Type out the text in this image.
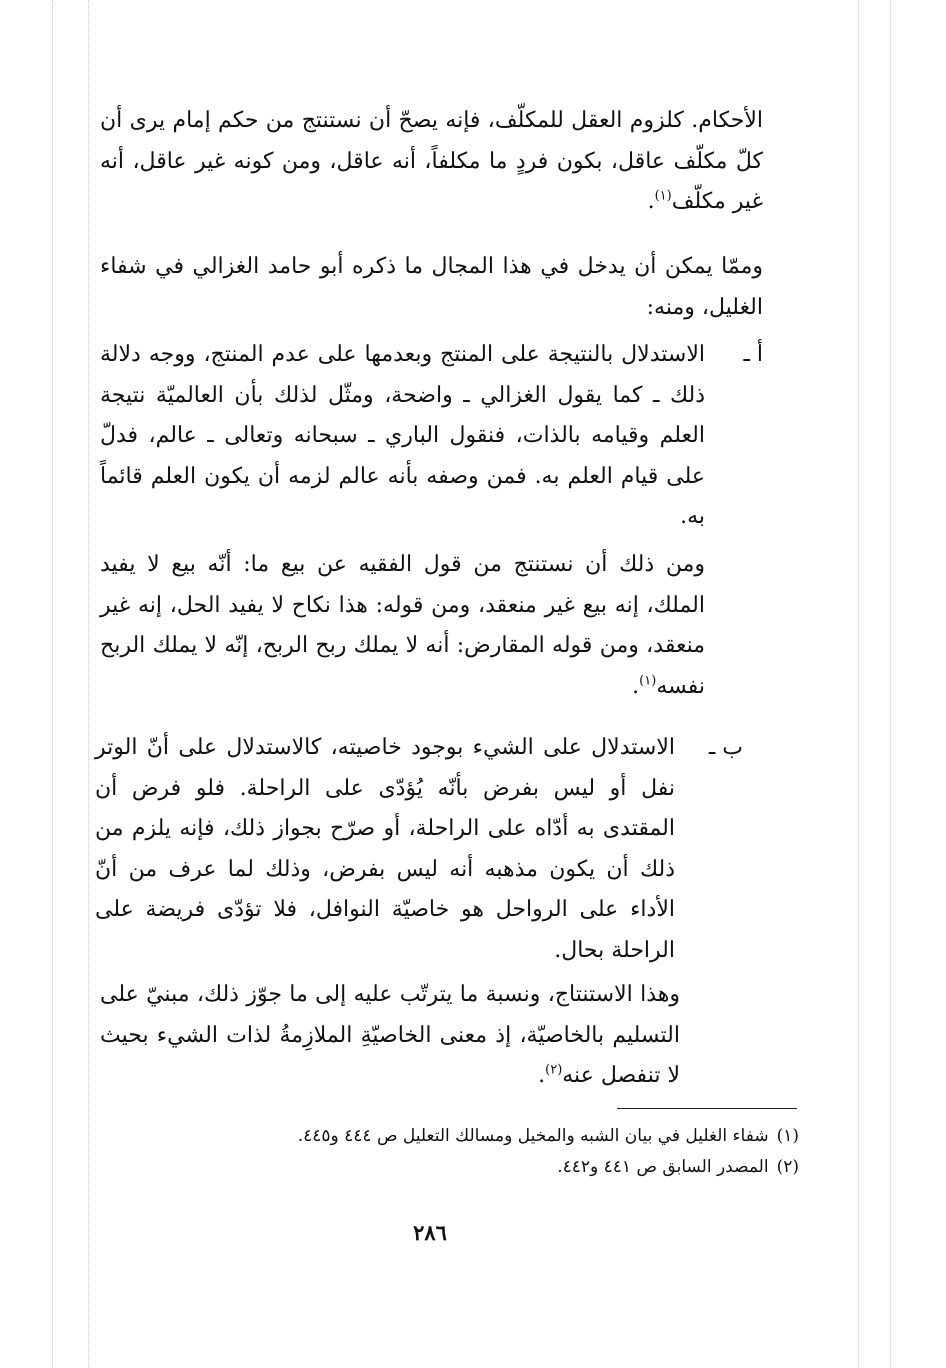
الأحكام. كلزوم العقل للمكلّف، فإنه يصحّ أن نستنتج من حكم إمام يرى أن كلّ مكلّف عاقل، بكون فردٍ ما مكلفاً، أنه عاقل، ومن كونه غير عاقل، أنه غير مكلّف$^{(١)}$.

وممّا يمكن أن يدخل في هذا المجال ما ذكره أبو حامد الغزالي في شفاء الغليل، ومنه:

أ ـ
الاستدلال بالنتيجة على المنتج وبعدمها على عدم المنتج، ووجه دلالة ذلك ـ كما يقول الغزالي ـ واضحة، ومثّل لذلك بأن العالميّة نتيجة العلم وقيامه بالذات، فنقول الباري ـ سبحانه وتعالى ـ عالم، فدلّ على قيام العلم به. فمن وصفه بأنه عالم لزمه أن يكون العلم قائماً به.

ومن ذلك أن نستنتج من قول الفقيه عن بيع ما: أنّه بيع لا يفيد الملك، إنه بيع غير منعقد، ومن قوله: هذا نكاح لا يفيد الحل، إنه غير منعقد، ومن قوله المقارض: أنه لا يملك ربح الربح، إنّه لا يملك الربح نفسه$^{(١)}$.

ب ـ
الاستدلال على الشيء بوجود خاصيته، كالاستدلال على أنّ الوتر نفل أو ليس بفرض بأنّه يُؤدّى على الراحلة. فلو فرض أن المقتدى به أدّاه على الراحلة، أو صرّح بجواز ذلك، فإنه يلزم من ذلك أن يكون مذهبه أنه ليس بفرض، وذلك لما عرف من أنّ الأداء على الرواحل هو خاصيّة النوافل، فلا تؤدّى فريضة على الراحلة بحال.

وهذا الاستنتاج، ونسبة ما يترتّب عليه إلى ما جوّز ذلك، مبنيّ على التسليم بالخاصيّة، إذ معنى الخاصيّةِ الملازِمةُ لذات الشيء بحيث لا تنفصل عنه$^{(٢)}$.

(١)شفاء الغليل في بيان الشبه والمخيل ومسالك التعليل ص ٤٤٤ و٤٤٥.
(٢)المصدر السابق ص ٤٤١ و٤٤٢.
٢٨٦
